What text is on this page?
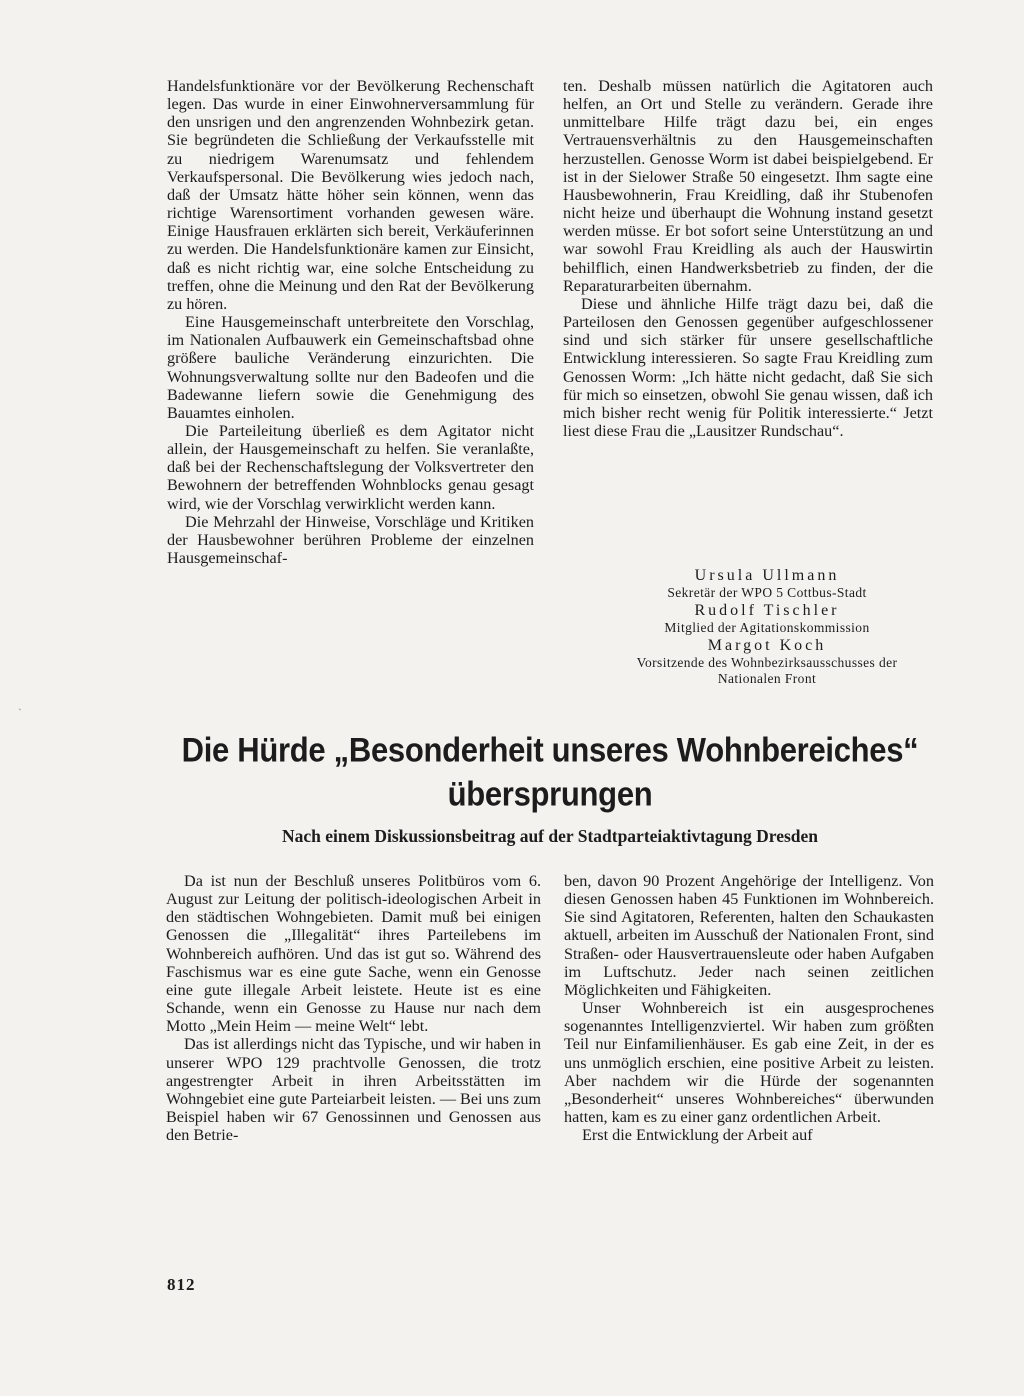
Handelsfunktionäre vor der Bevölkerung Rechenschaft legen. Das wurde in einer Einwohnerversammlung für den unsrigen und den angrenzenden Wohnbezirk getan. Sie begründeten die Schließung der Verkaufsstelle mit zu niedrigem Warenumsatz und fehlendem Verkaufspersonal. Die Bevölkerung wies jedoch nach, daß der Umsatz hätte höher sein können, wenn das richtige Warensortiment vorhanden gewesen wäre. Einige Hausfrauen erklärten sich bereit, Verkäuferinnen zu werden. Die Handelsfunktionäre kamen zur Einsicht, daß es nicht richtig war, eine solche Entscheidung zu treffen, ohne die Meinung und den Rat der Bevölkerung zu hören.

Eine Hausgemeinschaft unterbreitete den Vorschlag, im Nationalen Aufbauwerk ein Gemeinschaftsbad ohne größere bauliche Veränderung einzurichten. Die Wohnungsverwaltung sollte nur den Badeofen und die Badewanne liefern sowie die Genehmigung des Bauamtes einholen.

Die Parteileitung überließ es dem Agitator nicht allein, der Hausgemeinschaft zu helfen. Sie veranlaßte, daß bei der Rechenschaftslegung der Volksvertreter den Bewohnern der betreffenden Wohnblocks genau gesagt wird, wie der Vorschlag verwirklicht werden kann.

Die Mehrzahl der Hinweise, Vorschläge und Kritiken der Hausbewohner berühren Probleme der einzelnen Hausgemeinschaf-

ten. Deshalb müssen natürlich die Agitatoren auch helfen, an Ort und Stelle zu verändern. Gerade ihre unmittelbare Hilfe trägt dazu bei, ein enges Vertrauensverhältnis zu den Hausgemeinschaften herzustellen. Genosse Worm ist dabei beispielgebend. Er ist in der Sielower Straße 50 eingesetzt. Ihm sagte eine Hausbewohnerin, Frau Kreidling, daß ihr Stubenofen nicht heize und überhaupt die Wohnung instand gesetzt werden müsse. Er bot sofort seine Unterstützung an und war sowohl Frau Kreidling als auch der Hauswirtin behilflich, einen Handwerksbetrieb zu finden, der die Reparaturarbeiten übernahm.

Diese und ähnliche Hilfe trägt dazu bei, daß die Parteilosen den Genossen gegenüber aufgeschlossener sind und sich stärker für unsere gesellschaftliche Entwicklung interessieren. So sagte Frau Kreidling zum Genossen Worm: „Ich hätte nicht gedacht, daß Sie sich für mich so einsetzen, obwohl Sie genau wissen, daß ich mich bisher recht wenig für Politik interessierte.“ Jetzt liest diese Frau die „Lausitzer Rundschau“.

Ursula Ullmann

Sekretär der WPO 5 Cottbus-Stadt

Rudolf Tischler

Mitglied der Agitationskommission

Margot Koch

Vorsitzende des Wohnbezirksausschusses der Nationalen Front

Die Hürde „Besonderheit unseres Wohnbereiches“ übersprungen
Nach einem Diskussionsbeitrag auf der Stadtparteiaktivtagung Dresden

Da ist nun der Beschluß unseres Politbüros vom 6. August zur Leitung der politisch-ideologischen Arbeit in den städtischen Wohngebieten. Damit muß bei einigen Genossen die „Illegalität“ ihres Parteilebens im Wohnbereich aufhören. Und das ist gut so. Während des Faschismus war es eine gute Sache, wenn ein Genosse eine gute illegale Arbeit leistete. Heute ist es eine Schande, wenn ein Genosse zu Hause nur nach dem Motto „Mein Heim — meine Welt“ lebt.

Das ist allerdings nicht das Typische, und wir haben in unserer WPO 129 prachtvolle Genossen, die trotz angestrengter Arbeit in ihren Arbeitsstätten im Wohngebiet eine gute Parteiarbeit leisten. — Bei uns zum Beispiel haben wir 67 Genossinnen und Genossen aus den Betrie-

ben, davon 90 Prozent Angehörige der Intelligenz. Von diesen Genossen haben 45 Funktionen im Wohnbereich. Sie sind Agitatoren, Referenten, halten den Schaukasten aktuell, arbeiten im Ausschuß der Nationalen Front, sind Straßen- oder Hausvertrauensleute oder haben Aufgaben im Luftschutz. Jeder nach seinen zeitlichen Möglichkeiten und Fähigkeiten.

Unser Wohnbereich ist ein ausgesprochenes sogenanntes Intelligenzviertel. Wir haben zum größten Teil nur Einfamilienhäuser. Es gab eine Zeit, in der es uns unmöglich erschien, eine positive Arbeit zu leisten. Aber nachdem wir die Hürde der sogenannten „Besonderheit“ unseres Wohnbereiches“ überwunden hatten, kam es zu einer ganz ordentlichen Arbeit.

Erst die Entwicklung der Arbeit auf

812
`
